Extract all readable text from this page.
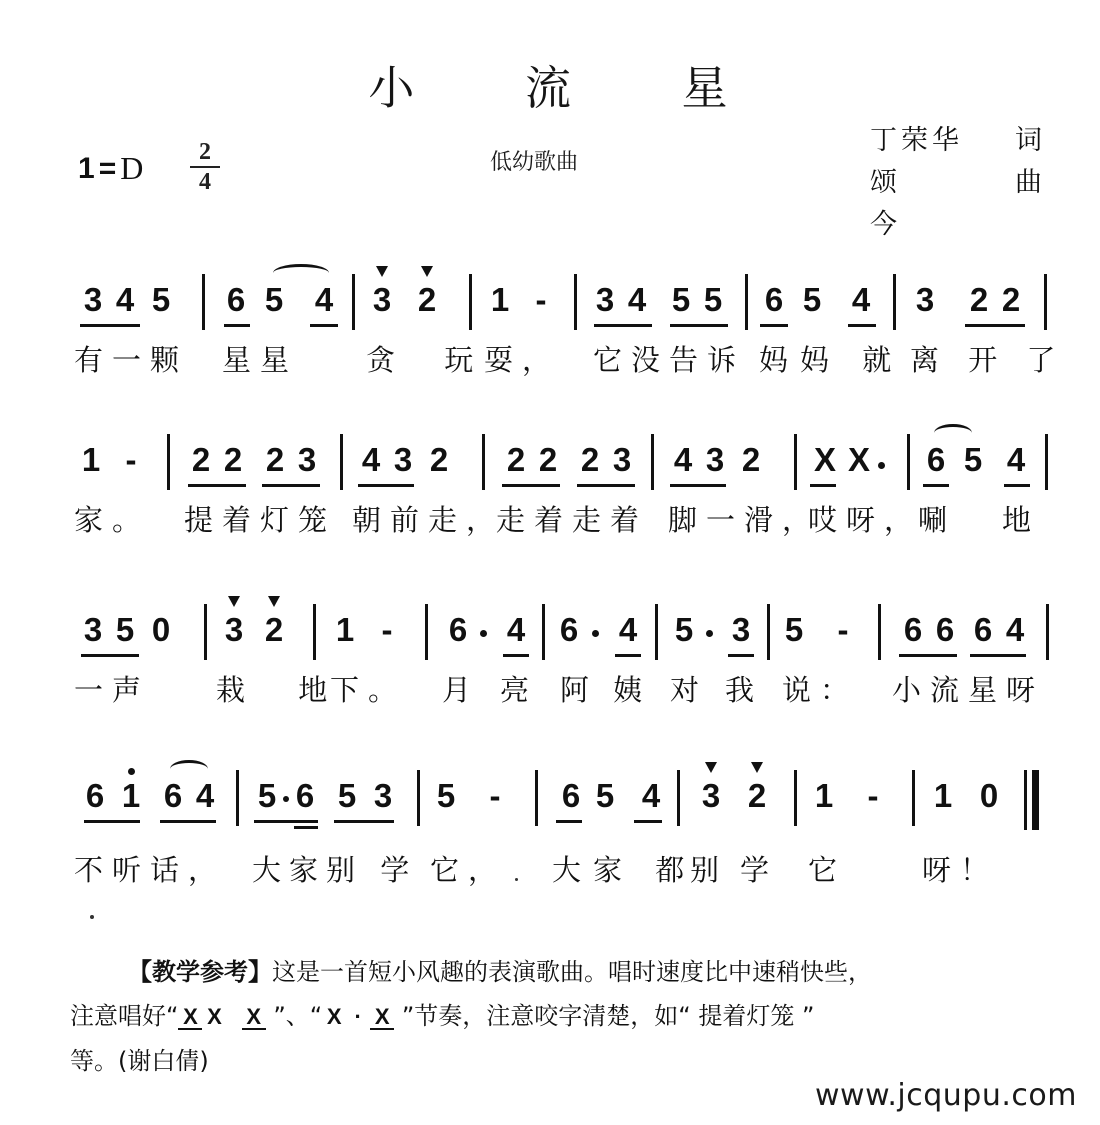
小 流 星
1 = D	2
4
低幼歌曲
丁荣华 词
颂 今
曲
3 4 5 6 5 4 3 2 1 - 3 4 5 5 6 5 4 3 2 2
有一颗 星星 贪 玩
耍， 它没告诉 妈妈 就 离 开 了
1 - 2 2 2 3 4 3 2 2 2 2 3 4 3 2 X X 6 5 4
家。 提着灯笼 朝前走，
走着走着 脚一滑，
哎呀，
唰 地
3 5 0 3 2 1 - 6 4 6 4 5 3 5 - 6 6 6 4
一声 栽 地
下。 月 亮 阿 姨 对 我 说： 小流星呀
6 1 6 4 5 6 5 3 5 - 6 5 4 3 2 1 - 1 0
不听话， 大家别 学 它， 大家 都
别 学 它	呀！

【教学参考】这是一首短小风趣的表演歌曲。唱时速度比中速稍快些，

注意唱好“ X X X ”、“ X · X ”节奏，注意咬字清楚，如“ 提着灯笼 ”

等。(谢白倩)

www.jcqupu.com
